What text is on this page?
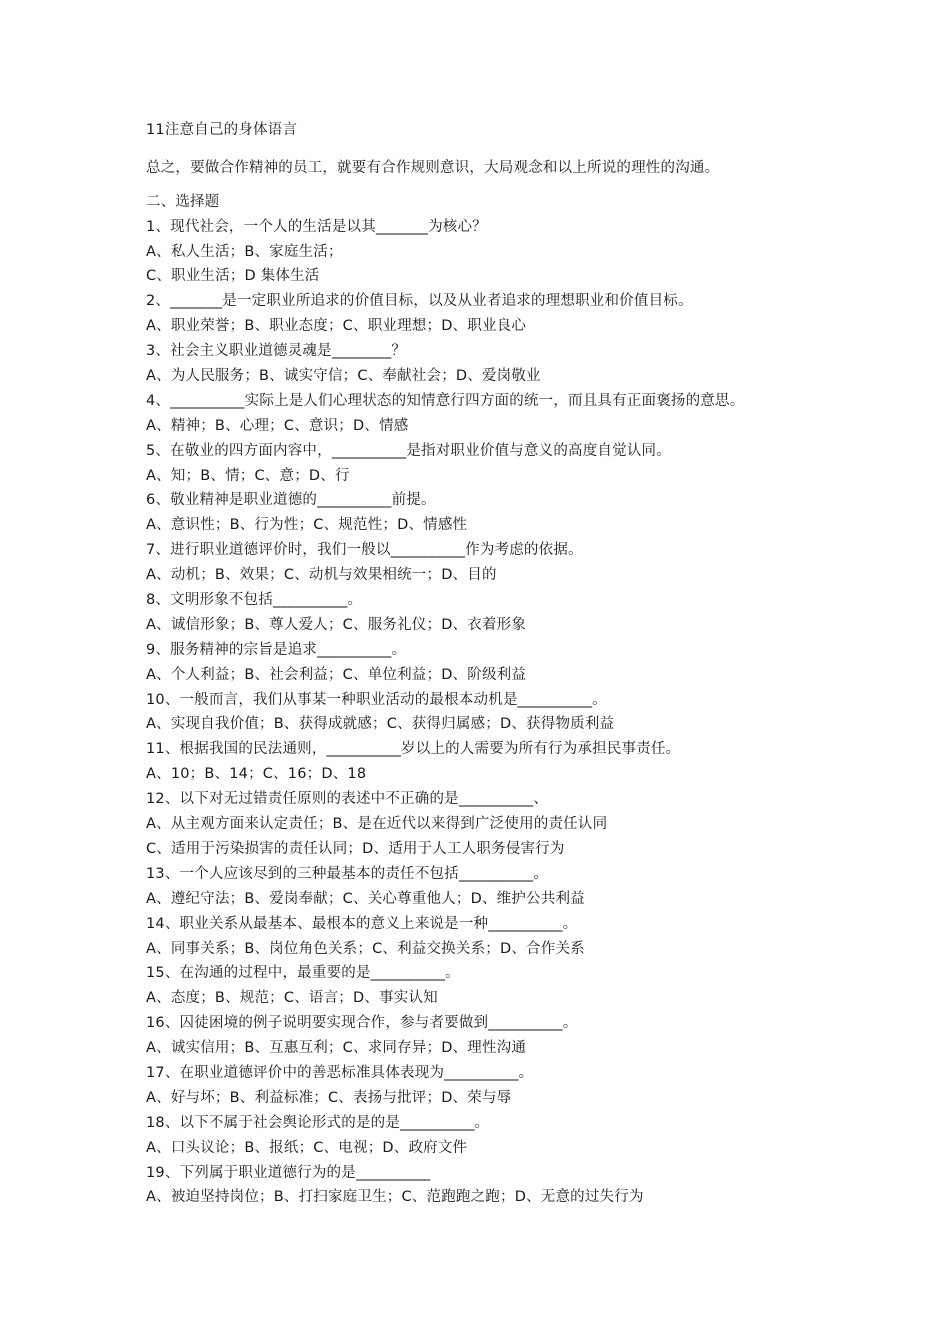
11注意自己的身体语言
总之，要做合作精神的员工，就要有合作规则意识，大局观念和以上所说的理性的沟通。
二、选择题
1、现代社会，一个人的生活是以其_______为核心？
A、私人生活；B、家庭生活；
C、职业生活；D 集体生活
2、_______是一定职业所追求的价值目标，以及从业者追求的理想职业和价值目标。
A、职业荣誉；B、职业态度；C、职业理想；D、职业良心
3、社会主义职业道德灵魂是________？
A、为人民服务；B、诚实守信；C、奉献社会；D、爱岗敬业
4、__________实际上是人们心理状态的知情意行四方面的统一，而且具有正面褒扬的意思。
A、精神；B、心理；C、意识；D、情感
5、在敬业的四方面内容中，__________是指对职业价值与意义的高度自觉认同。
A、知；B、情；C、意；D、行
6、敬业精神是职业道德的__________前提。
A、意识性；B、行为性；C、规范性；D、情感性
7、进行职业道德评价时，我们一般以__________作为考虑的依据。
A、动机；B、效果；C、动机与效果相统一；D、目的
8、文明形象不包括__________。
A、诚信形象；B、尊人爱人；C、服务礼仪；D、衣着形象
9、服务精神的宗旨是追求__________。
A、个人利益；B、社会利益；C、单位利益；D、阶级利益
10、一般而言，我们从事某一种职业活动的最根本动机是__________。
A、实现自我价值；B、获得成就感；C、获得归属感；D、获得物质利益
11、根据我国的民法通则，__________岁以上的人需要为所有行为承担民事责任。
A、10；B、14；C、16；D、18
12、以下对无过错责任原则的表述中不正确的是__________、
A、从主观方面来认定责任；B、是在近代以来得到广泛使用的责任认同
C、适用于污染损害的责任认同；D、适用于人工人职务侵害行为
13、一个人应该尽到的三种最基本的责任不包括__________。
A、遵纪守法；B、爱岗奉献；C、关心尊重他人；D、维护公共利益
14、职业关系从最基本、最根本的意义上来说是一种__________。
A、同事关系；B、岗位角色关系；C、利益交换关系；D、合作关系
15、在沟通的过程中，最重要的是__________。
A、态度；B、规范；C、语言；D、事实认知
16、囚徒困境的例子说明要实现合作，参与者要做到__________。
A、诚实信用；B、互惠互利；C、求同存异；D、理性沟通
17、在职业道德评价中的善恶标准具体表现为__________。
A、好与坏；B、利益标准；C、表扬与批评；D、荣与辱
18、以下不属于社会舆论形式的是的是__________。
A、口头议论；B、报纸；C、电视；D、政府文件
19、下列属于职业道德行为的是__________
A、被迫坚持岗位；B、打扫家庭卫生；C、范跑跑之跑；D、无意的过失行为
